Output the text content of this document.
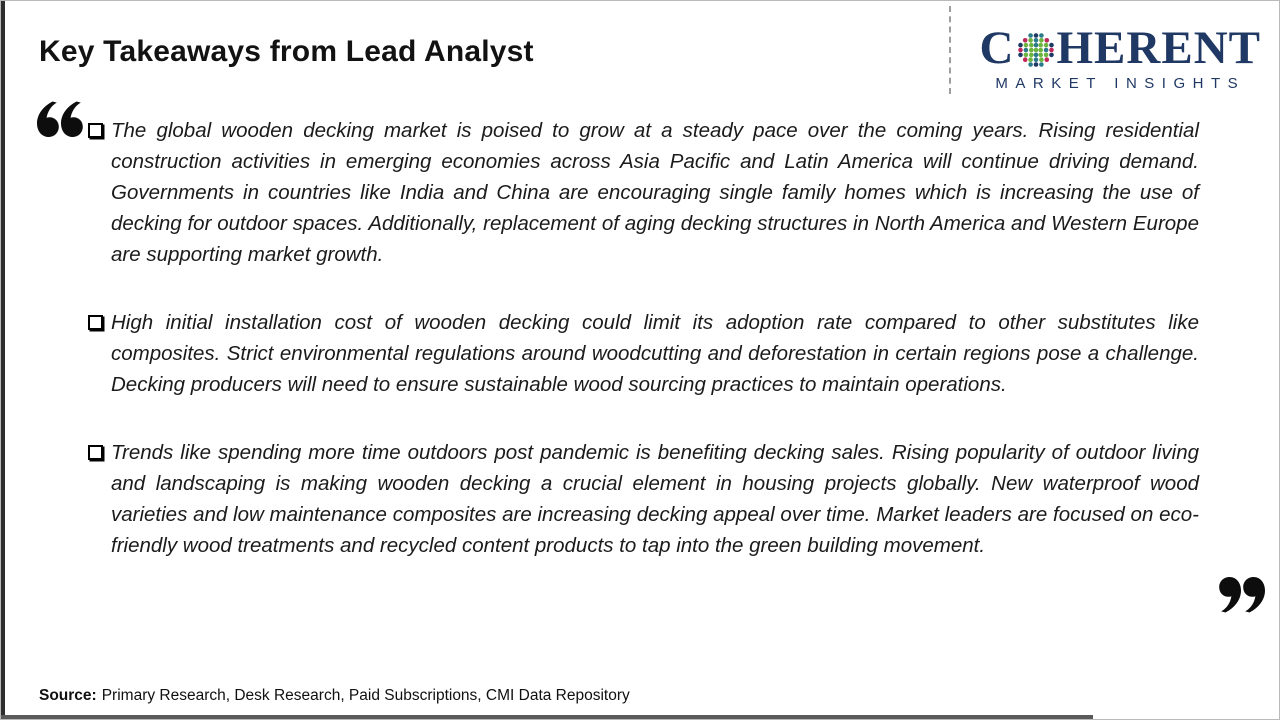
Key Takeaways from Lead Analyst	C HERENT
MARKET INSIGHTS

The global wooden decking market is poised to grow at a steady pace over the coming years. Rising residential construction activities in emerging economies across Asia Pacific and Latin America will continue driving demand. Governments in countries like India and China are encouraging single family homes which is increasing the use of decking for outdoor spaces. Additionally, replacement of aging decking structures in North America and Western Europe are supporting market growth.

High initial installation cost of wooden decking could limit its adoption rate compared to other substitutes like composites. Strict environmental regulations around woodcutting and deforestation in certain regions pose a challenge. Decking producers will need to ensure sustainable wood sourcing practices to maintain operations.

Trends like spending more time outdoors post pandemic is benefiting decking sales. Rising popularity of outdoor living and landscaping is making wooden decking a crucial element in housing projects globally. New waterproof wood varieties and low maintenance composites are increasing decking appeal over time. Market leaders are focused on eco-friendly wood treatments and recycled content products to tap into the green building movement.

Source: Primary Research, Desk Research, Paid Subscriptions, CMI Data Repository
